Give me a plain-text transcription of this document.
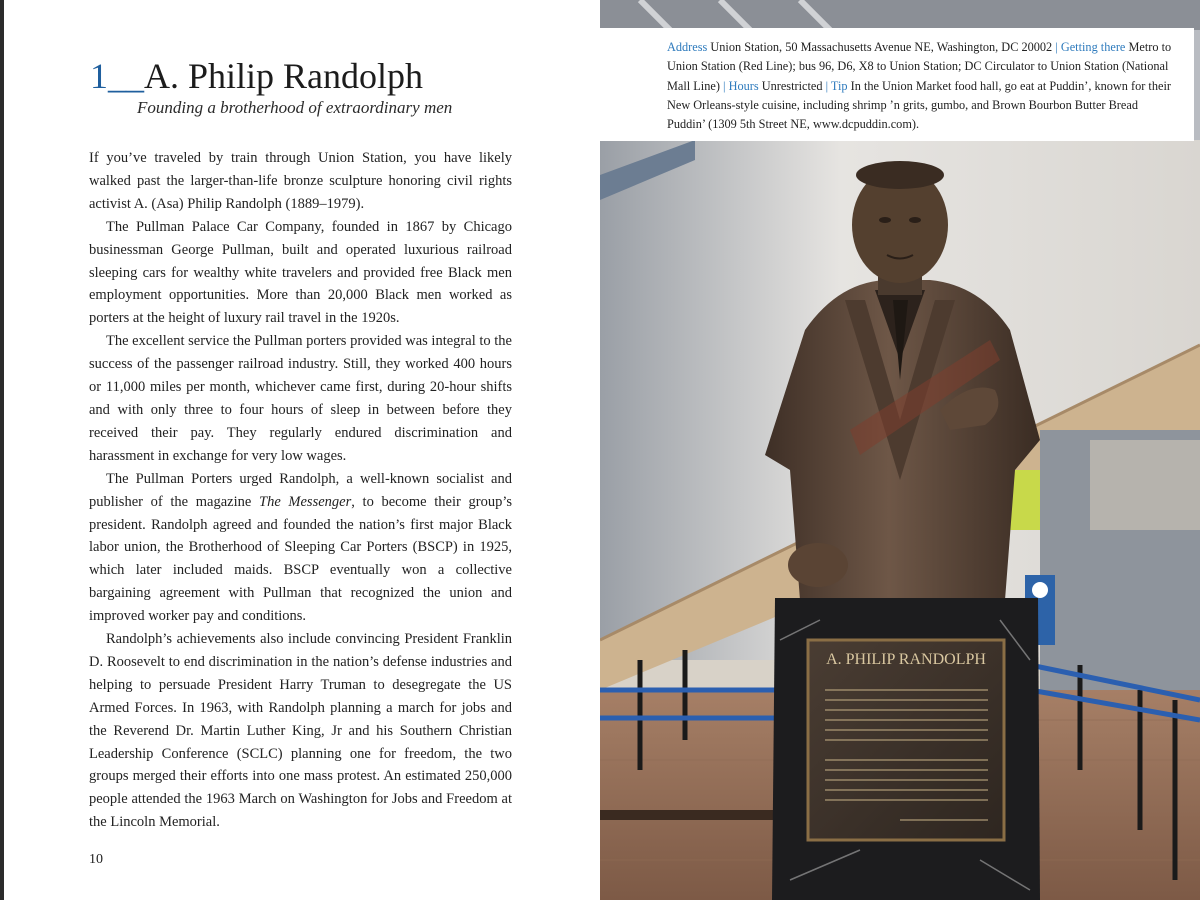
1__A. Philip Randolph
Founding a brotherhood of extraordinary men

If you’ve traveled by train through Union Station, you have likely walked past the larger-than-life bronze sculpture honoring civil rights activist A. (Asa) Philip Randolph (1889–1979).

The Pullman Palace Car Company, founded in 1867 by Chicago businessman George Pullman, built and operated luxurious railroad sleeping cars for wealthy white travelers and provided free Black men employment opportunities. More than 20,000 Black men worked as porters at the height of luxury rail travel in the 1920s.

The excellent service the Pullman porters provided was integral to the success of the passenger railroad industry. Still, they worked 400 hours or 11,000 miles per month, whichever came first, during 20-hour shifts and with only three to four hours of sleep in between before they received their pay. They regularly endured discrimination and harassment in exchange for very low wages.

The Pullman Porters urged Randolph, a well-known socialist and publisher of the magazine The Messenger, to become their group’s president. Randolph agreed and founded the nation’s first major Black labor union, the Brotherhood of Sleeping Car Porters (BSCP) in 1925, which later included maids. BSCP eventually won a collective bargaining agreement with Pullman that recognized the union and improved worker pay and conditions.

Randolph’s achievements also include convincing President Franklin D. Roosevelt to end discrimination in the nation’s defense industries and helping to persuade President Harry Truman to desegregate the US Armed Forces. In 1963, with Randolph planning a march for jobs and the Reverend Dr. Martin Luther King, Jr and his Southern Christian Leadership Conference (SCLC) planning one for freedom, the two groups merged their efforts into one mass protest. An estimated 250,000 people attended the 1963 March on Washington for Jobs and Freedom at the Lincoln Memorial.

10
A. PHILIP RANDOLPH
Address Union Station, 50 Massachusetts Avenue NE, Washington, DC 20002 | Getting there Metro to Union Station (Red Line); bus 96, D6, X8 to Union Station; DC Circulator to Union Station (National Mall Line) | Hours Unrestricted | Tip In the Union Market food hall, go eat at Puddin’, known for their New Orleans-style cuisine, including shrimp ’n grits, gumbo, and Brown Bourbon Butter Bread Puddin’ (1309 5th Street NE, www.dcpuddin.com).
